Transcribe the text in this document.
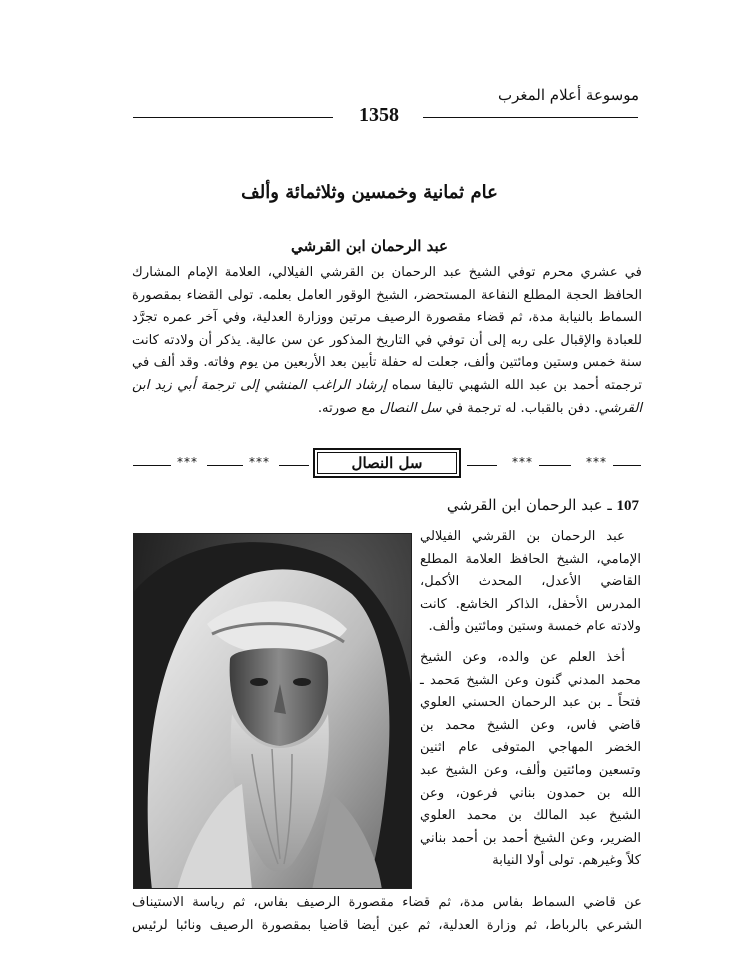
موسوعة أعلام المغرب
1358
عام ثمانية وخمسين وثلاثمائة وألف
عبد الرحمان ابن القرشي
في عشري محرم توفي الشيخ عبد الرحمان بن القرشي الفيلالي، العلامة الإمام المشارك الحافظ الحجة المطلع النفاعة المستحضر، الشيخ الوقور العامل بعلمه. تولى القضاء بمقصورة السماط بالنيابة مدة، ثم قضاء مقصورة الرصيف مرتين ووزارة العدلية، وفي آخر عمره تجرَّد للعبادة والإقبال على ربه إلى أن توفي في التاريخ المذكور عن سن عالية. يذكر أن ولادته كانت سنة خمس وستين ومائتين وألف، جعلت له حفلة تأبين بعد الأربعين من يوم وفاته. وقد ألف في ترجمته أحمد بن عبد الله الشهبي تاليفا سماه إرشاد الراغب المنشي إلى ترجمة أبي زيد ابن القرشي. دفن بالقباب. له ترجمة في سل النصال مع صورته.
***
***
سل النصال
***
***
107 ـ عبد الرحمان ابن القرشي

عبد الرحمان بن القرشي الفيلالي الإمامي، الشيخ الحافظ العلامة المطلع القاضي الأعدل، المحدث الأكمل، المدرس الأحفل، الذاكر الخاشع. كانت ولادته عام خمسة وستين ومائتين وألف.

أخذ العلم عن والده، وعن الشيخ محمد المدني گنون وعن الشيخ مَحمد ـ فتحاً ـ بن عبد الرحمان الحسني العلوي قاضي فاس، وعن الشيخ محمد بن الخضر المهاجي المتوفى عام اثنين وتسعين ومائتين وألف، وعن الشيخ عبد الله بن حمدون بناني فرعون، وعن الشيخ عبد المالك بن محمد العلوي الضرير، وعن الشيخ أحمد بن أحمد بناني كلاً وغيرهم. تولى أولا النيابة

عن قاضي السماط بفاس مدة، ثم قضاء مقصورة الرصيف بفاس، ثم رياسة الاستيناف
الشرعي بالرباط، ثم وزارة العدلية، ثم عين أيضا قاضيا بمقصورة الرصيف ونائبا لرئيس
